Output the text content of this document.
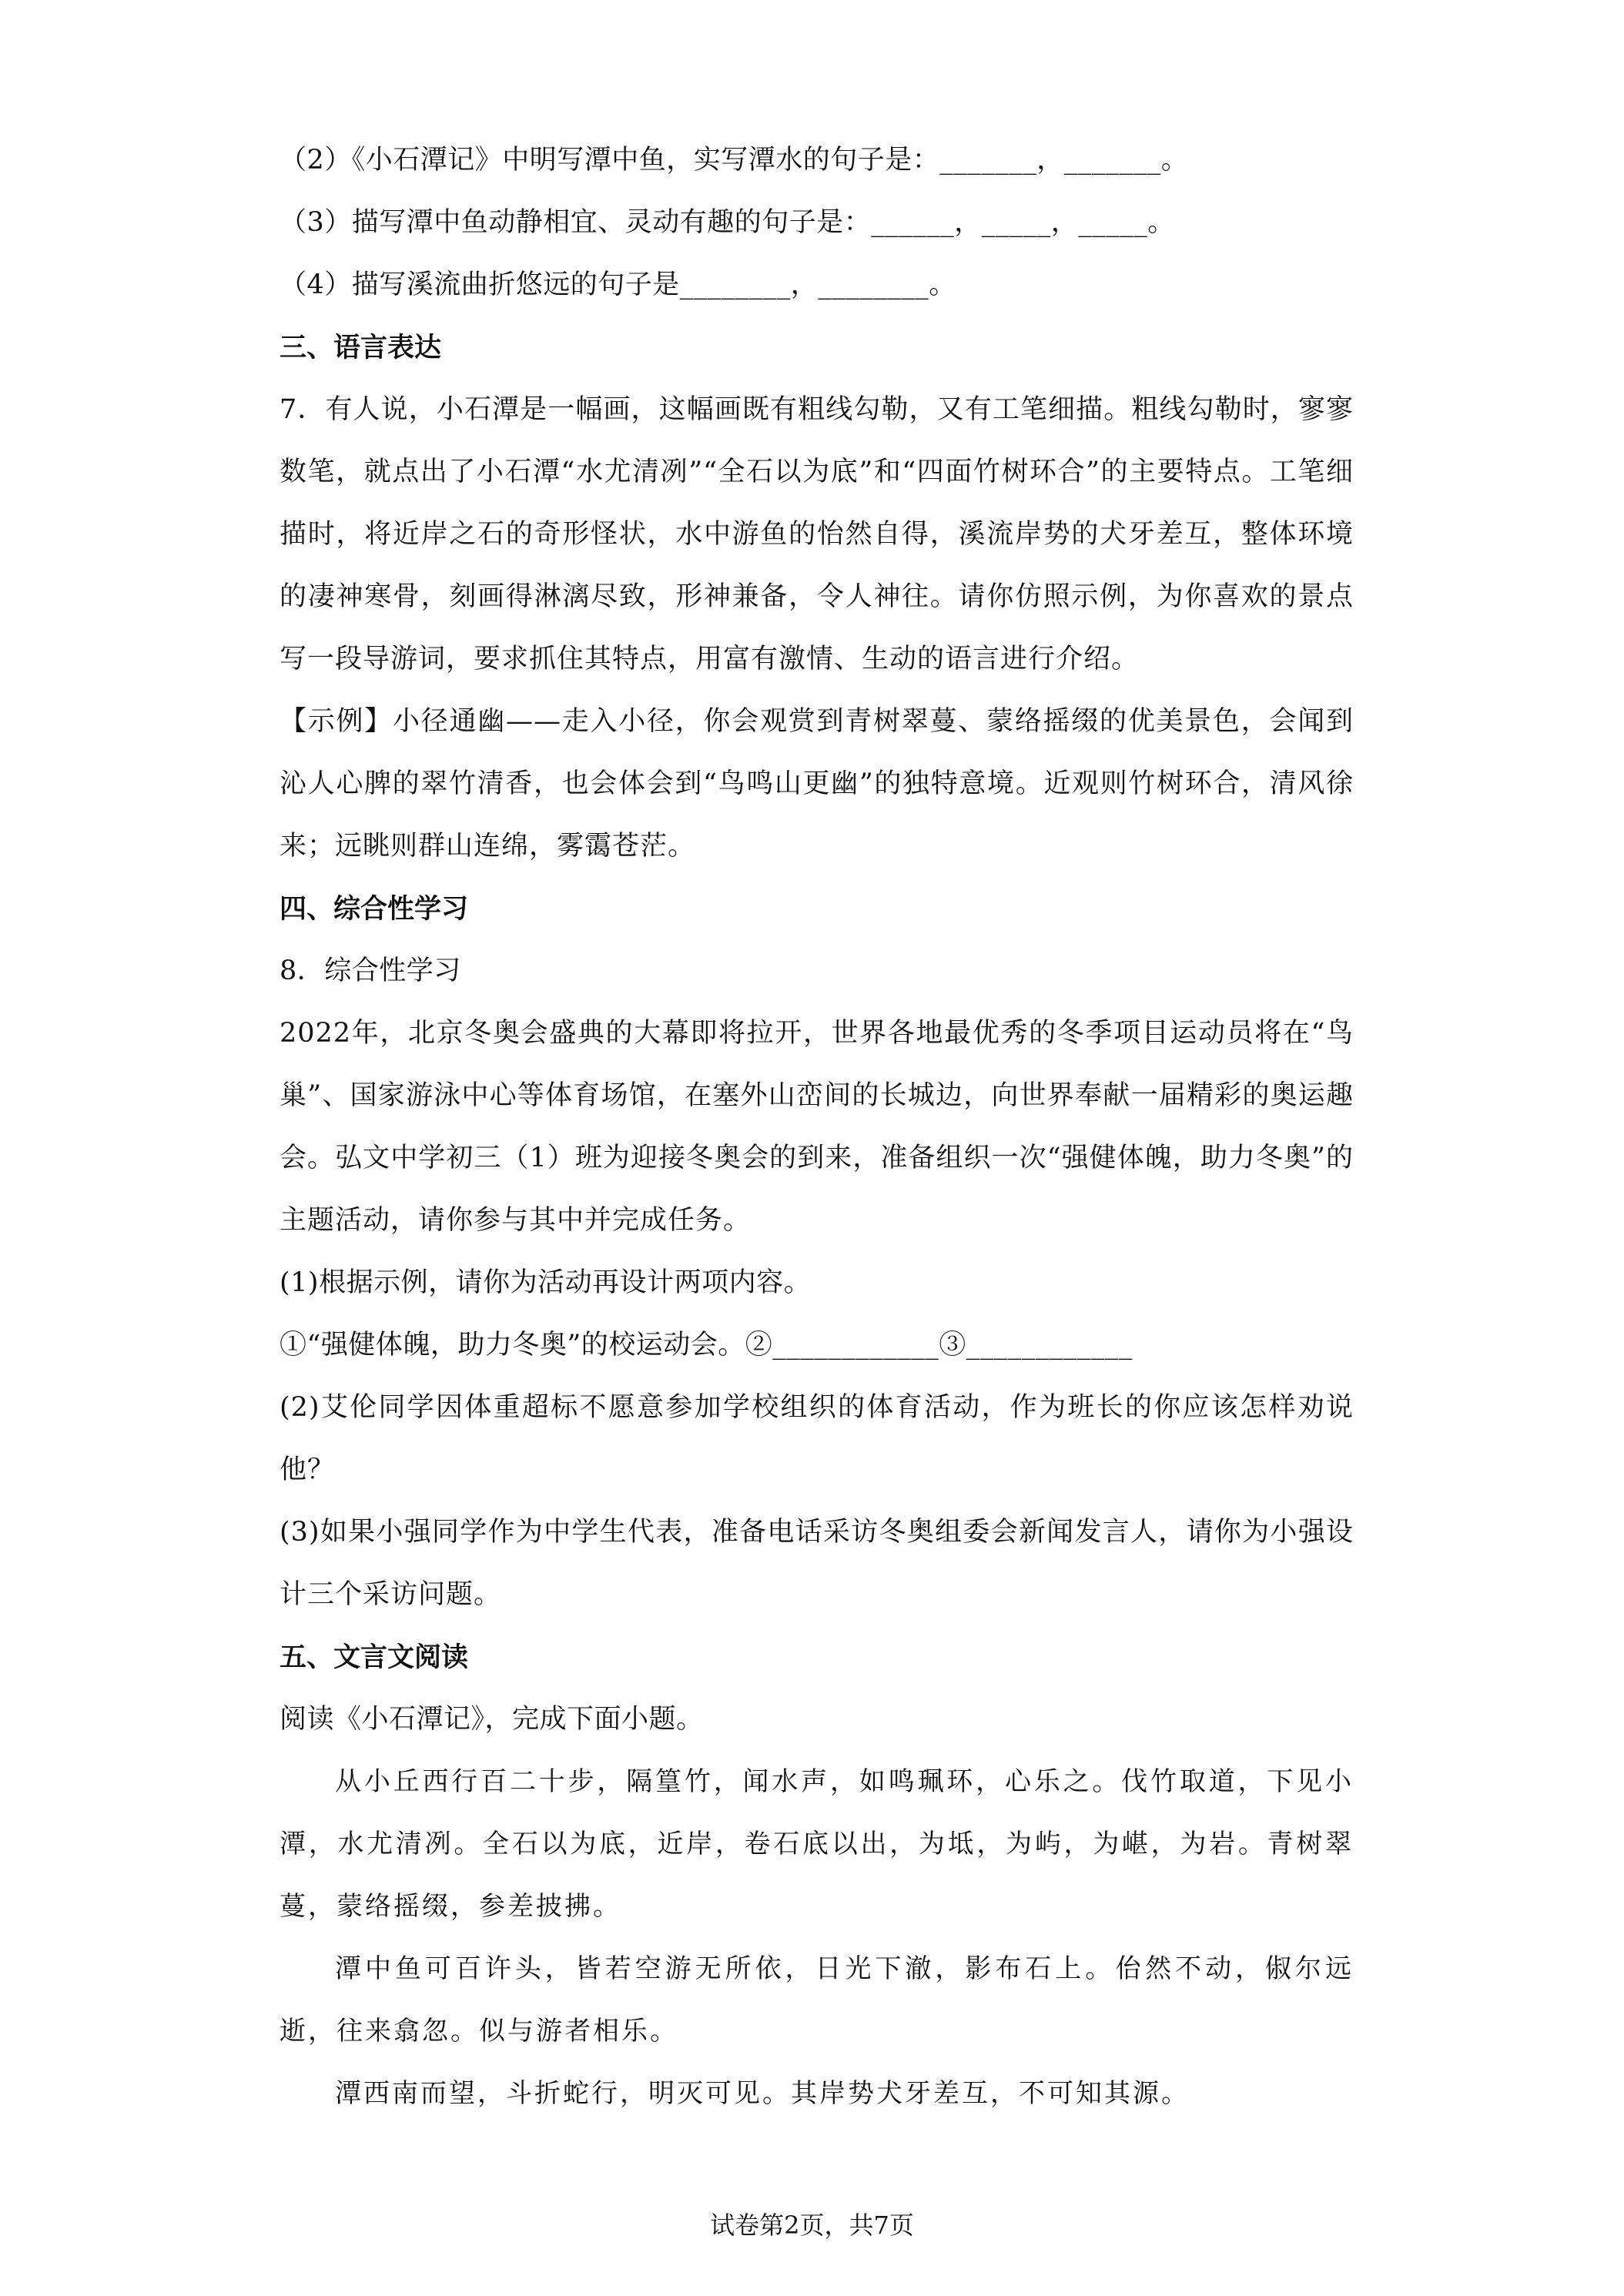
（2）《小石潭记》中明写潭中鱼，实写潭水的句子是：_______，_______。
（3）描写潭中鱼动静相宜、灵动有趣的句子是：______，_____，_____。
（4）描写溪流曲折悠远的句子是________，________。
三、语言表达
7．有人说，小石潭是一幅画，这幅画既有粗线勾勒，又有工笔细描。粗线勾勒时，寥寥数笔，就点出了小石潭“水尤清冽”“全石以为底”和“四面竹树环合”的主要特点。工笔细描时，将近岸之石的奇形怪状，水中游鱼的怡然自得，溪流岸势的犬牙差互，整体环境的凄神寒骨，刻画得淋漓尽致，形神兼备，令人神往。请你仿照示例，为你喜欢的景点写一段导游词，要求抓住其特点，用富有激情、生动的语言进行介绍。
【示例】小径通幽——走入小径，你会观赏到青树翠蔓、蒙络摇缀的优美景色，会闻到沁人心脾的翠竹清香，也会体会到“鸟鸣山更幽”的独特意境。近观则竹树环合，清风徐来；远眺则群山连绵，雾霭苍茫。
四、综合性学习
8．综合性学习
2022年，北京冬奥会盛典的大幕即将拉开，世界各地最优秀的冬季项目运动员将在“鸟巢”、国家游泳中心等体育场馆，在塞外山峦间的长城边，向世界奉献一届精彩的奥运趣会。弘文中学初三（1）班为迎接冬奥会的到来，准备组织一次“强健体魄，助力冬奥”的主题活动，请你参与其中并完成任务。
(1)根据示例，请你为活动再设计两项内容。
①“强健体魄，助力冬奥”的校运动会。②____________③____________
(2)艾伦同学因体重超标不愿意参加学校组织的体育活动，作为班长的你应该怎样劝说他？
(3)如果小强同学作为中学生代表，准备电话采访冬奥组委会新闻发言人，请你为小强设计三个采访问题。
五、文言文阅读
阅读《小石潭记》，完成下面小题。
从小丘西行百二十步，隔篁竹，闻水声，如鸣珮环，心乐之。伐竹取道，下见小潭，水尤清冽。全石以为底，近岸，卷石底以出，为坻，为屿，为嵁，为岩。青树翠蔓，蒙络摇缀，参差披拂。
潭中鱼可百许头，皆若空游无所依，日光下澈，影布石上。佁然不动，俶尔远逝，往来翕忽。似与游者相乐。
潭西南而望，斗折蛇行，明灭可见。其岸势犬牙差互，不可知其源。
试卷第2页，共7页
